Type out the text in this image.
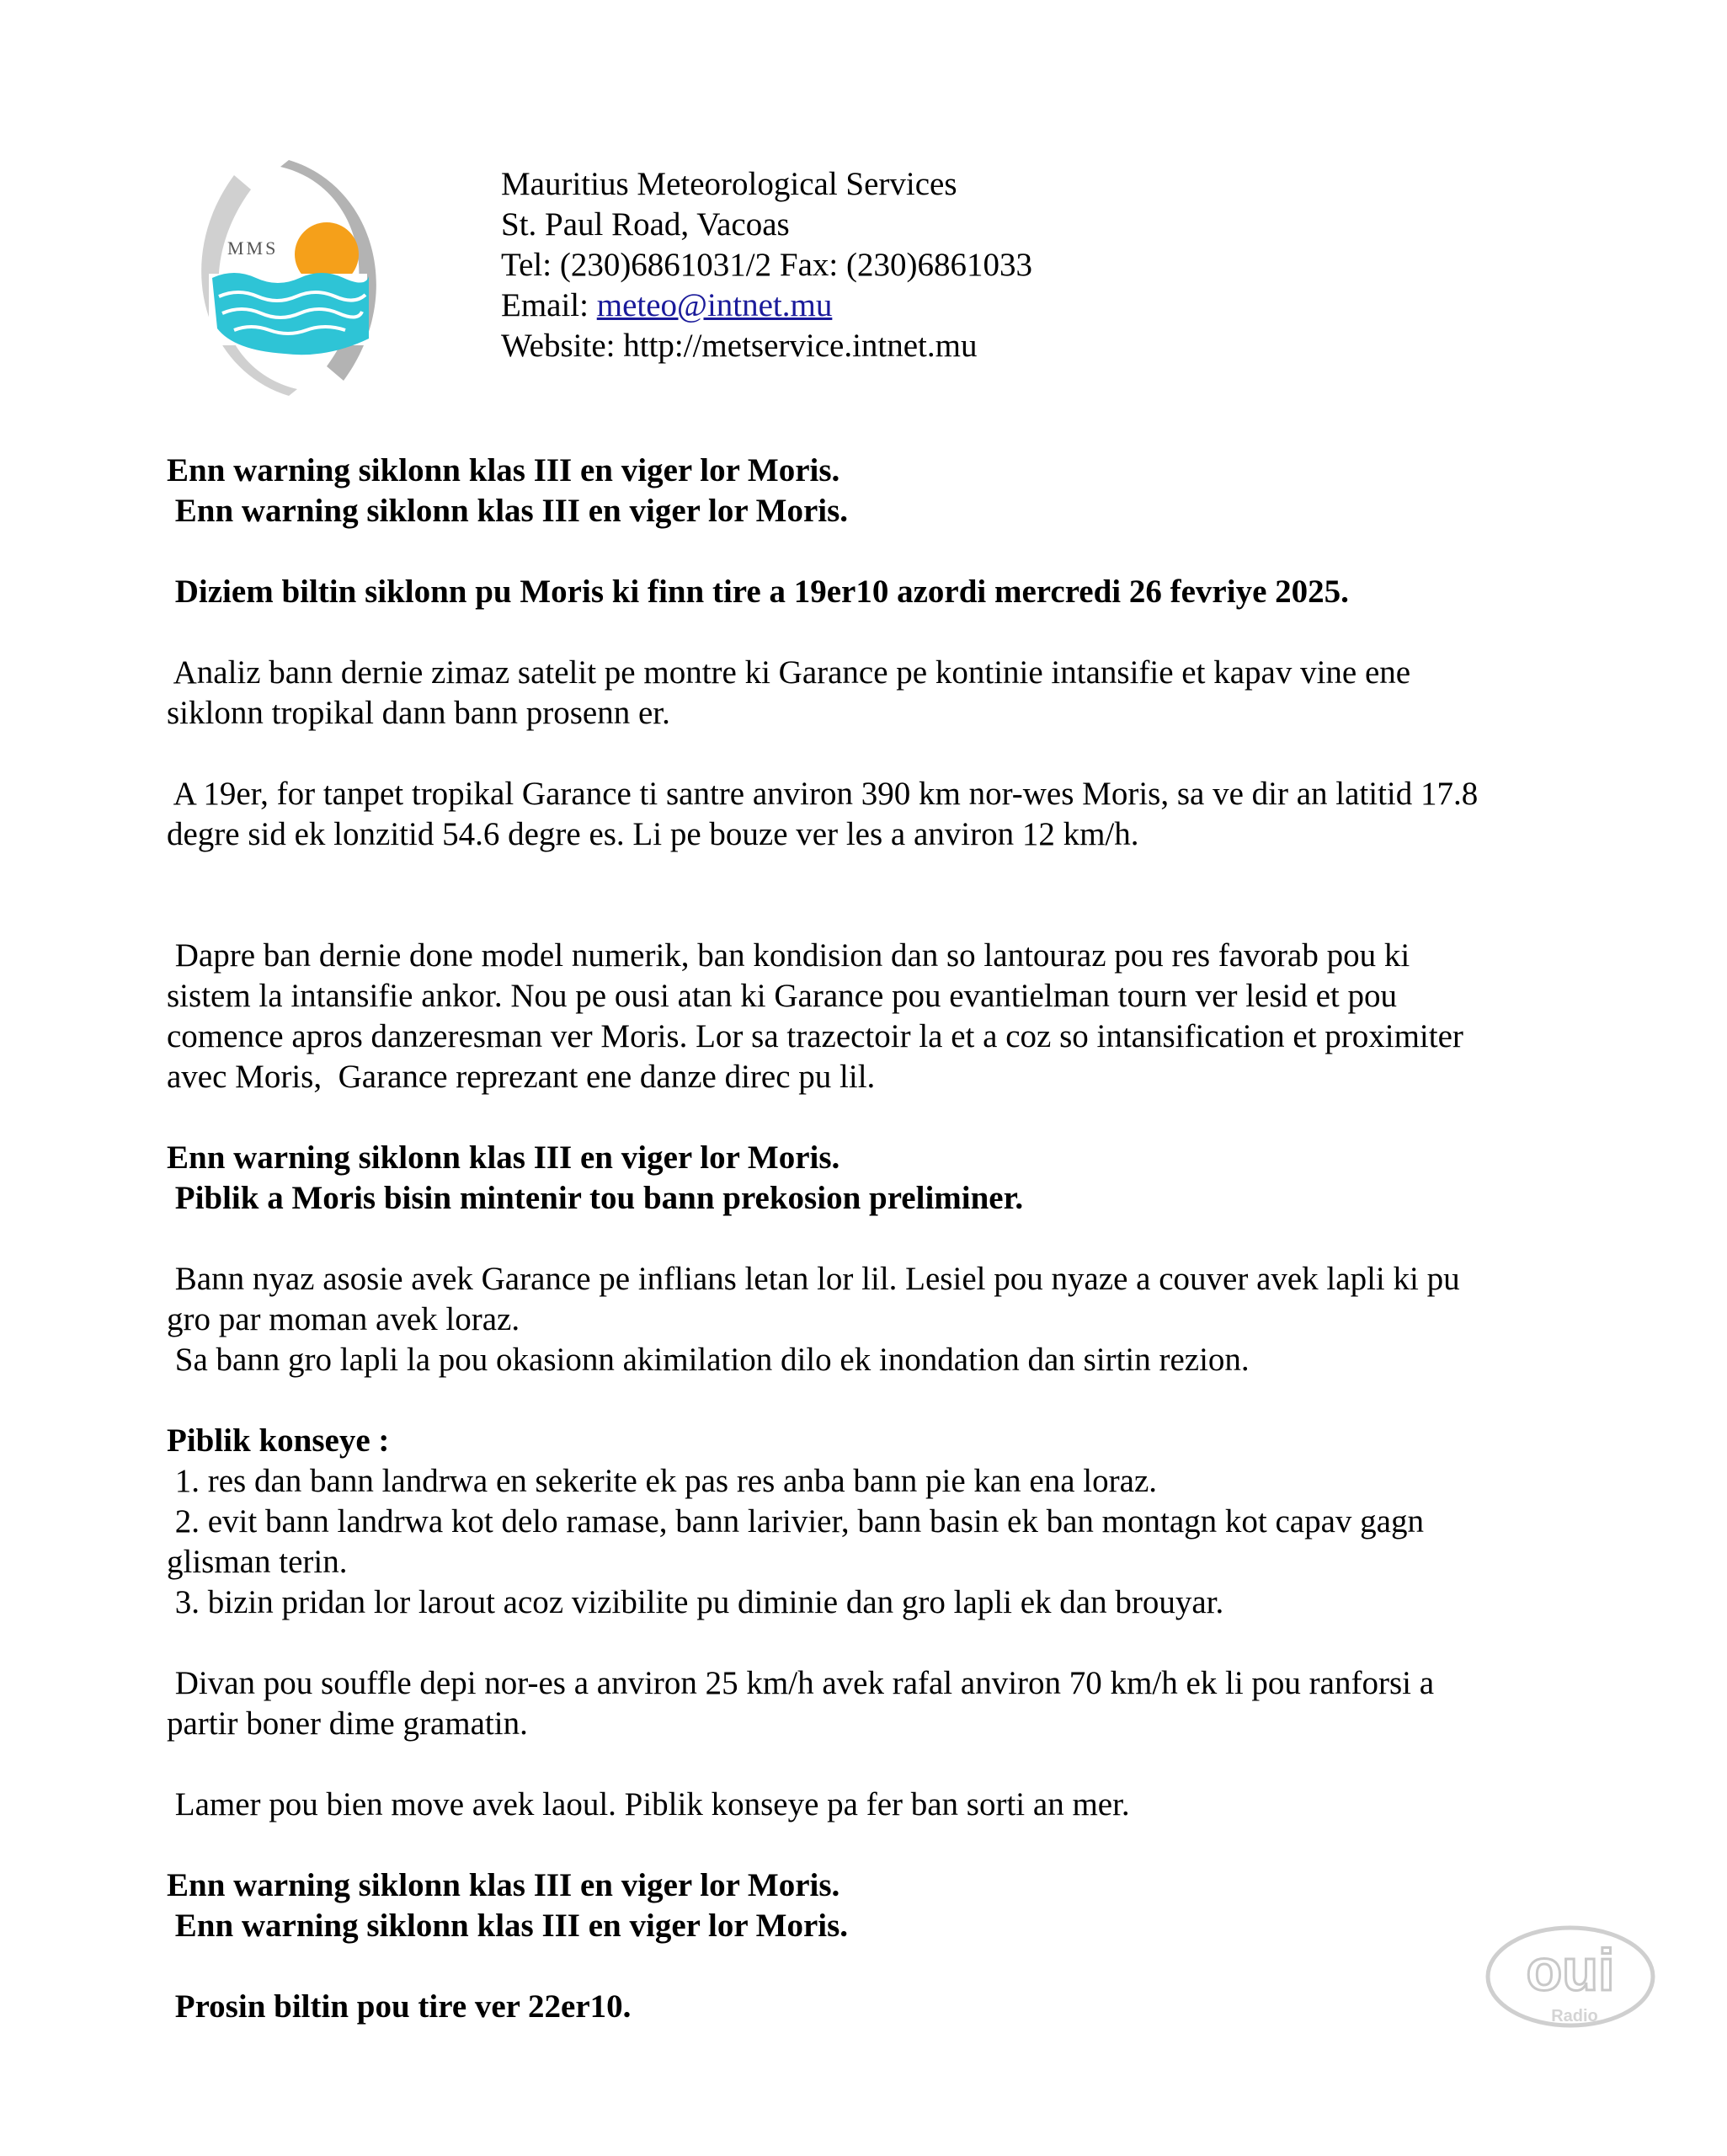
MMS
Mauritius Meteorological Services
St. Paul Road, Vacoas
Tel: (230)6861031/2 Fax: (230)6861033
Email: meteo@intnet.mu
Website: http://metservice.intnet.mu
Enn warning siklonn klas III en viger lor Moris.
Enn warning siklonn klas III en viger lor Moris.
Diziem biltin siklonn pu Moris ki finn tire a 19er10 azordi mercredi 26 fevriye 2025.
Analiz bann dernie zimaz satelit pe montre ki Garance pe kontinie intansifie et kapav vine ene
siklonn tropikal dann bann prosenn er.
A 19er, for tanpet tropikal Garance ti santre anviron 390 km nor-wes Moris, sa ve dir an latitid 17.8
degre sid ek lonzitid 54.6 degre es. Li pe bouze ver les a anviron 12 km/h.
Dapre ban dernie done model numerik, ban kondision dan so lantouraz pou res favorab pou ki
sistem la intansifie ankor. Nou pe ousi atan ki Garance pou evantielman tourn ver lesid et pou
comence apros danzeresman ver Moris. Lor sa trazectoir la et a coz so intansification et proximiter
avec Moris,  Garance reprezant ene danze direc pu lil.
Enn warning siklonn klas III en viger lor Moris.
Piblik a Moris bisin mintenir tou bann prekosion preliminer.
Bann nyaz asosie avek Garance pe inflians letan lor lil. Lesiel pou nyaze a couver avek lapli ki pu
gro par moman avek loraz.
Sa bann gro lapli la pou okasionn akimilation dilo ek inondation dan sirtin rezion.
Piblik konseye :
1. res dan bann landrwa en sekerite ek pas res anba bann pie kan ena loraz.
2. evit bann landrwa kot delo ramase, bann larivier, bann basin ek ban montagn kot capav gagn
glisman terin.
3. bizin pridan lor larout acoz vizibilite pu diminie dan gro lapli ek dan brouyar.
Divan pou souffle depi nor-es a anviron 25 km/h avek rafal anviron 70 km/h ek li pou ranforsi a
partir boner dime gramatin.
Lamer pou bien move avek laoul. Piblik konseye pa fer ban sorti an mer.
Enn warning siklonn klas III en viger lor Moris.
Enn warning siklonn klas III en viger lor Moris.
Prosin biltin pou tire ver 22er10.
oui
Radio
